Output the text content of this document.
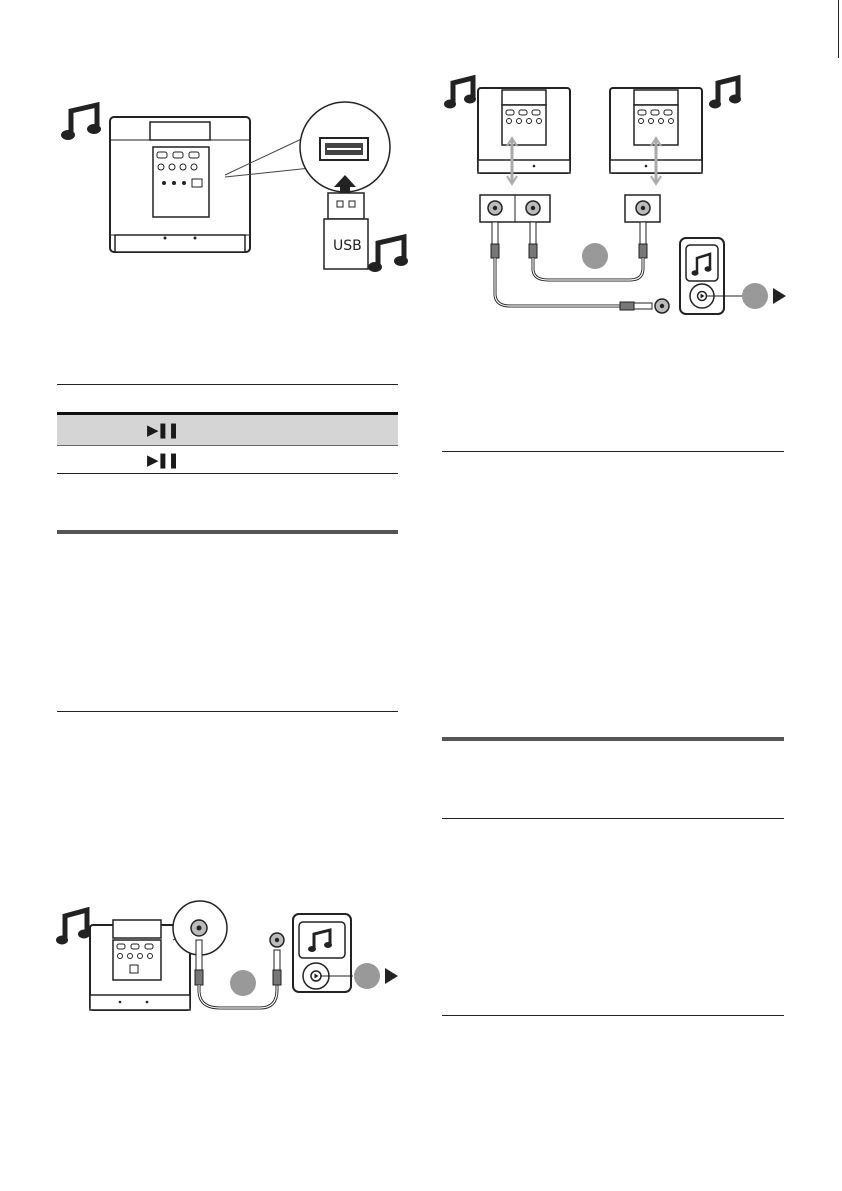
USB
▶❚❚
▶❚❚
